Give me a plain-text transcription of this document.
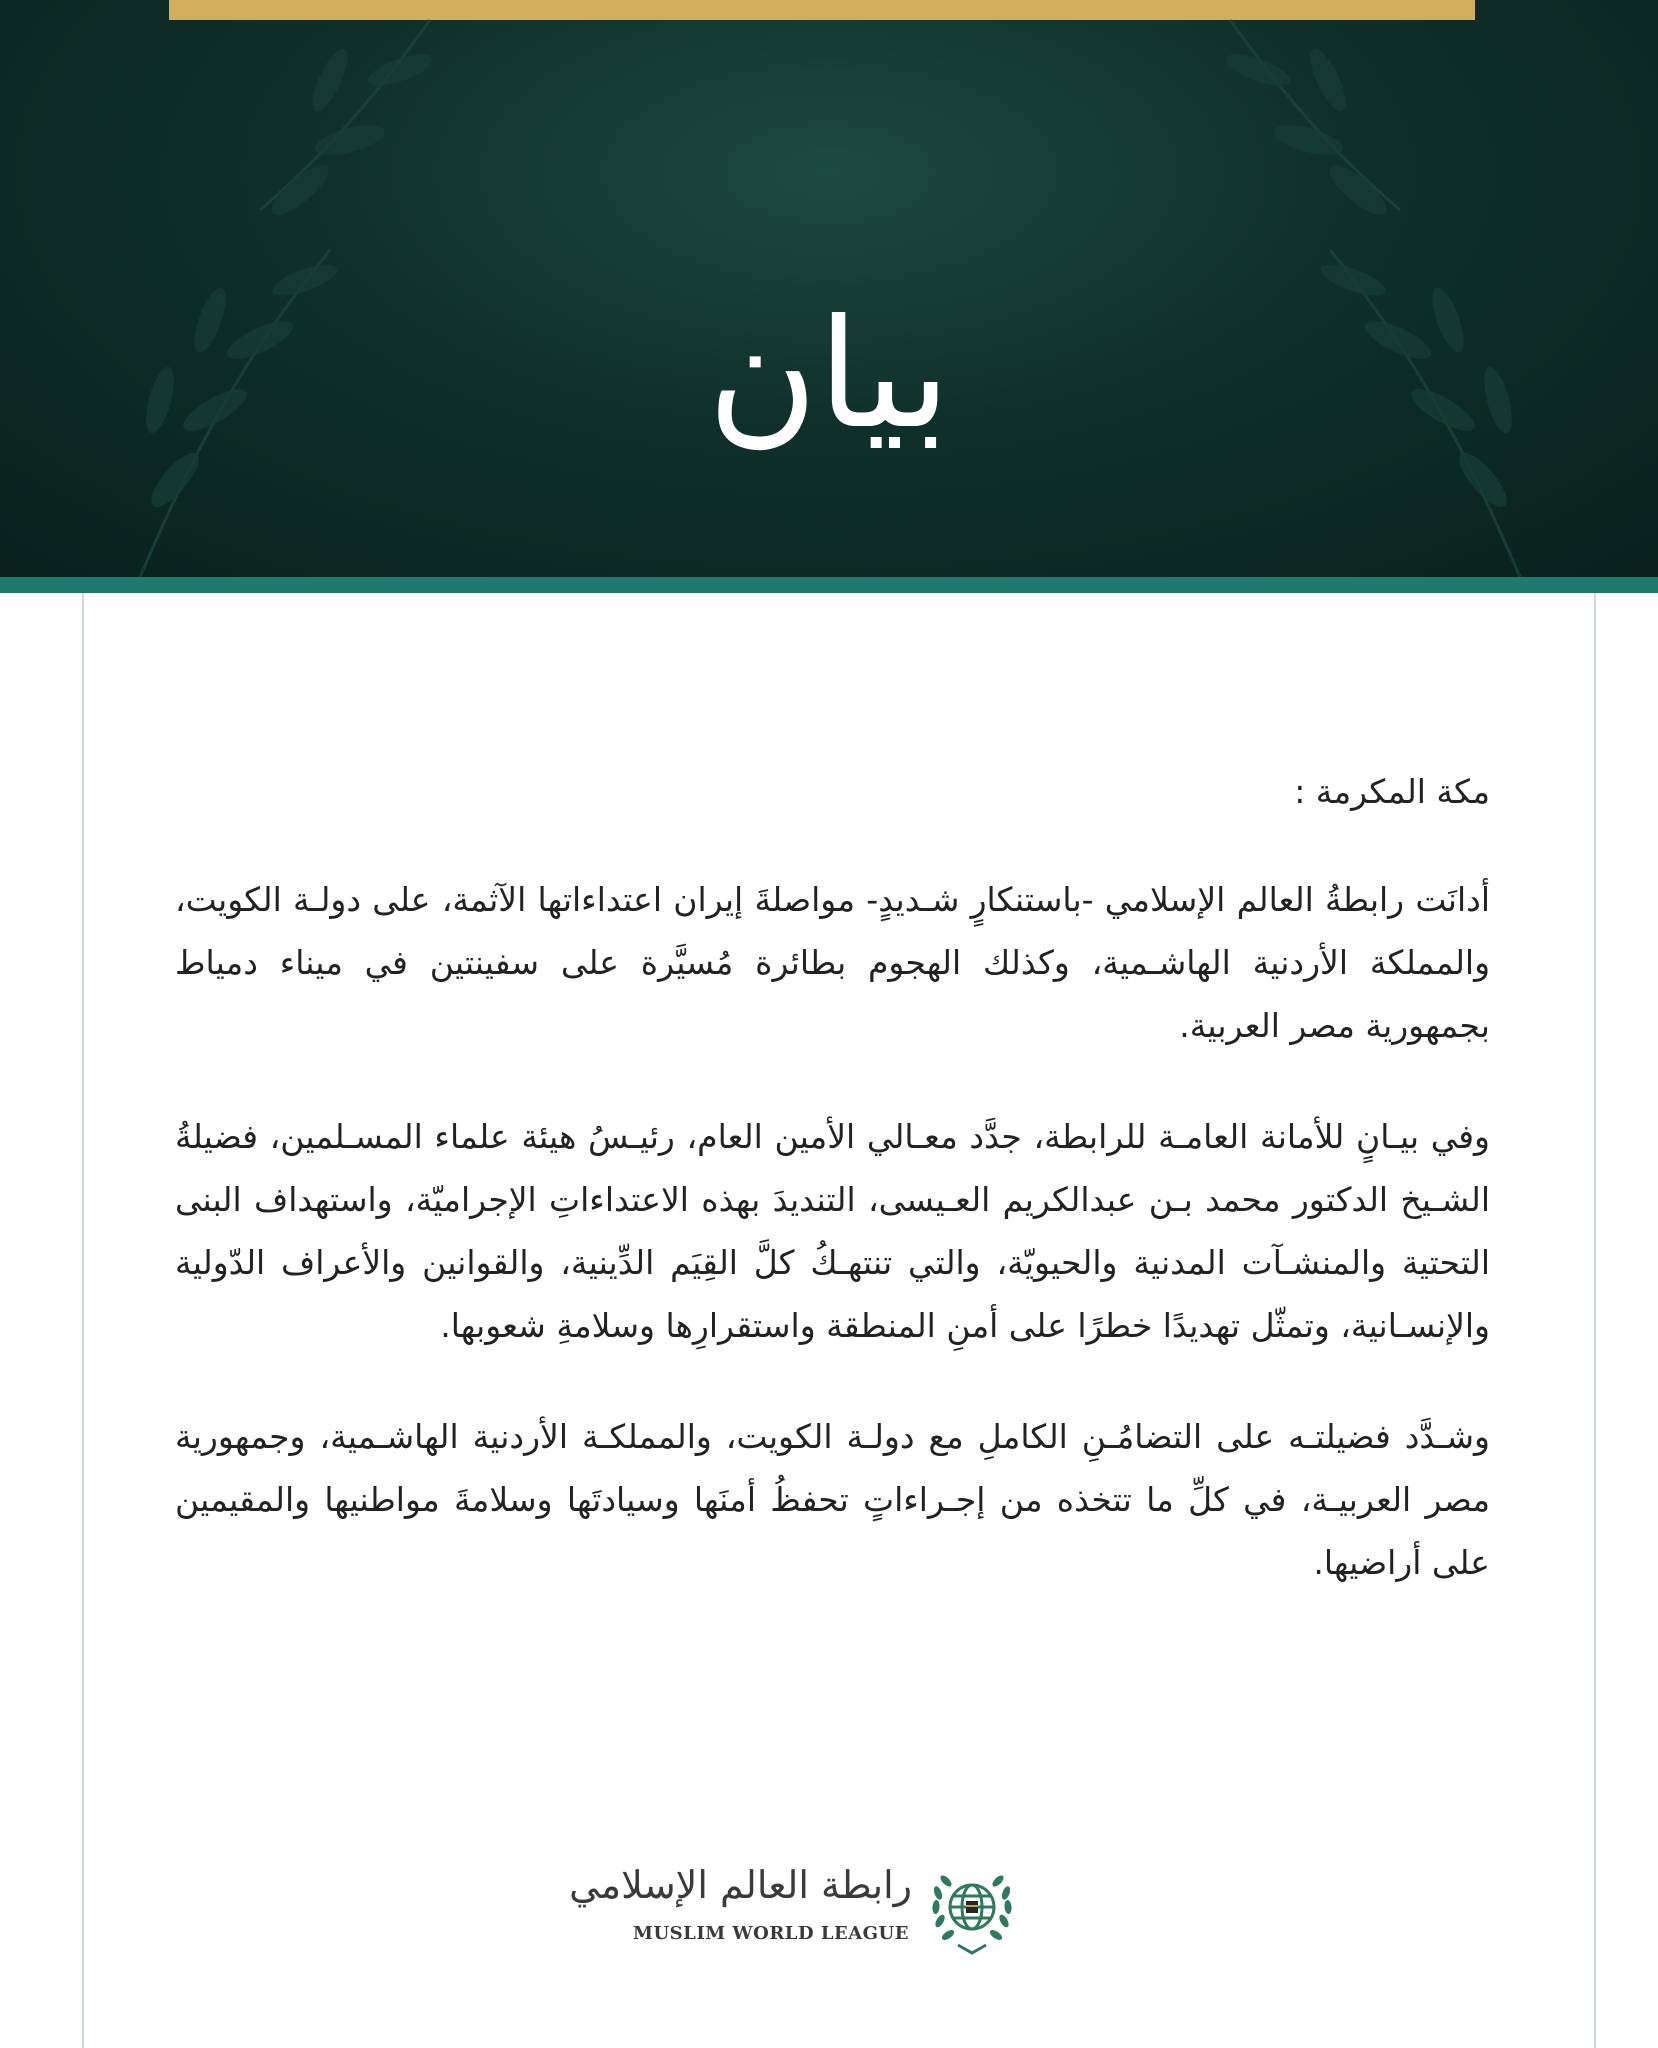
بيان

مكة المكرمة :

أدانَت رابطةُ العالم الإسلامي -باستنكارٍ شـديدٍ- مواصلةَ إيران اعتداءاتها الآثمة، على دولـة الكويت، والمملكة الأردنية الهاشـمية، وكذلك الهجوم بطائرة مُسيَّرة على سفينتين في ميناء دمياط بجمهورية مصر العربية.

وفي بيـانٍ للأمانة العامـة للرابطة، جدَّد معـالي الأمين العام، رئيـسُ هيئة علماء المسـلمين، فضيلةُ الشـيخ الدكتور محمد بـن عبدالكريم العـيسى، التنديدَ بهذه الاعتداءاتِ الإجراميّة، واستهداف البنى التحتية والمنشـآت المدنية والحيويّة، والتي تنتهـكُ كلَّ القِيَم الدِّينية، والقوانين والأعراف الدّولية والإنسـانية، وتمثّل تهديدًا خطرًا على أمنِ المنطقة واستقرارِها وسلامةِ شعوبها.

وشـدَّد فضيلتـه على التضامُـنِ الكاملِ مع دولـة الكويت، والمملكـة الأردنية الهاشـمية، وجمهورية مصر العربيـة، في كلِّ ما تتخذه من إجـراءاتٍ تحفظُ أمنَها وسيادتَها وسلامةَ مواطنيها والمقيمين على أراضيها.

رابطة العالم الإسلامي
MUSLIM WORLD LEAGUE
